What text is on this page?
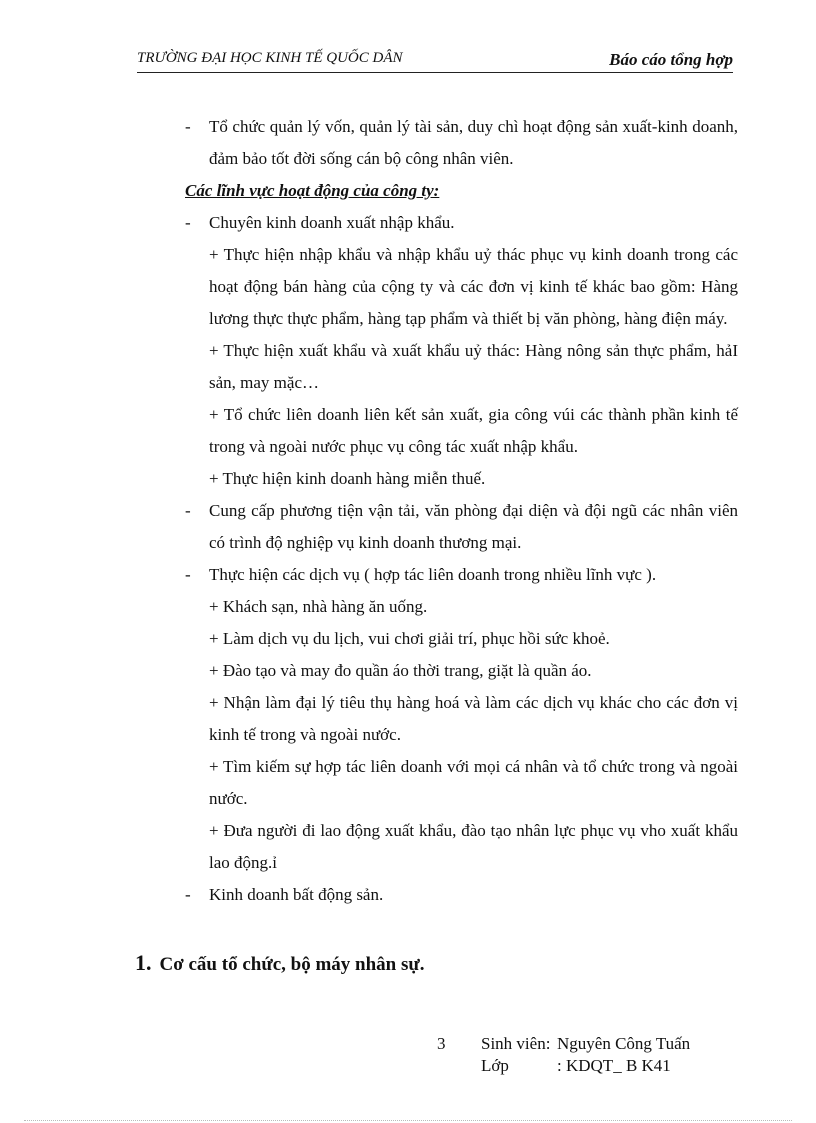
TRƯỜNG ĐẠI HỌC KINH TẾ QUỐC DÂN	Báo cáo tổng hợp
- Tổ chức quản lý vốn, quản lý tài sản, duy chì hoạt động sản xuất-kinh doanh, đảm bảo tốt đời sống cán bộ công nhân viên.
Các lĩnh vực hoạt động của công ty:
- Chuyên kinh doanh xuất nhập khẩu.
+ Thực hiện nhập khẩu và nhập khẩu uỷ thác phục vụ kinh doanh trong các hoạt động bán hàng của cộng ty và các đơn vị kinh tế khác bao gồm: Hàng lương thực thực phẩm, hàng tạp phẩm và thiết bị văn phòng, hàng điện máy.
+ Thực hiện xuất khẩu và xuất khẩu uỷ thác: Hàng nông sản thực phẩm, hảI sản, may mặc…
+ Tổ chức liên doanh liên kết sản xuất, gia công vúi các thành phần kinh tế trong và ngoài nước phục vụ công tác xuất nhập khẩu.
+ Thực hiện kinh doanh hàng miễn thuế.
- Cung cấp phương tiện vận tải, văn phòng đại diện và đội ngũ các nhân viên có trình độ nghiệp vụ kinh doanh thương mại.
- Thực hiện các dịch vụ ( hợp tác liên doanh trong nhiều lĩnh vực ).
+ Khách sạn, nhà hàng ăn uống.
+ Làm dịch vụ du lịch, vui chơi giải trí, phục hồi sức khoẻ.
+ Đào tạo và may đo quần áo thời trang, giặt là quần áo.
+ Nhận làm đại lý tiêu thụ hàng hoá và làm các dịch vụ khác cho các đơn vị kinh tế trong và ngoài nước.
+ Tìm kiếm sự hợp tác liên doanh với mọi cá nhân và tổ chức trong và ngoài nước.
+ Đưa người đi lao động xuất khẩu, đào tạo nhân lực phục vụ vho xuất khẩu lao động.ỉ
- Kinh doanh bất động sản.
1. Cơ cấu tổ chức, bộ máy nhân sự.
3 Sinh viên: Nguyên Công Tuấn
Lớp	: KDQT_ B K41
